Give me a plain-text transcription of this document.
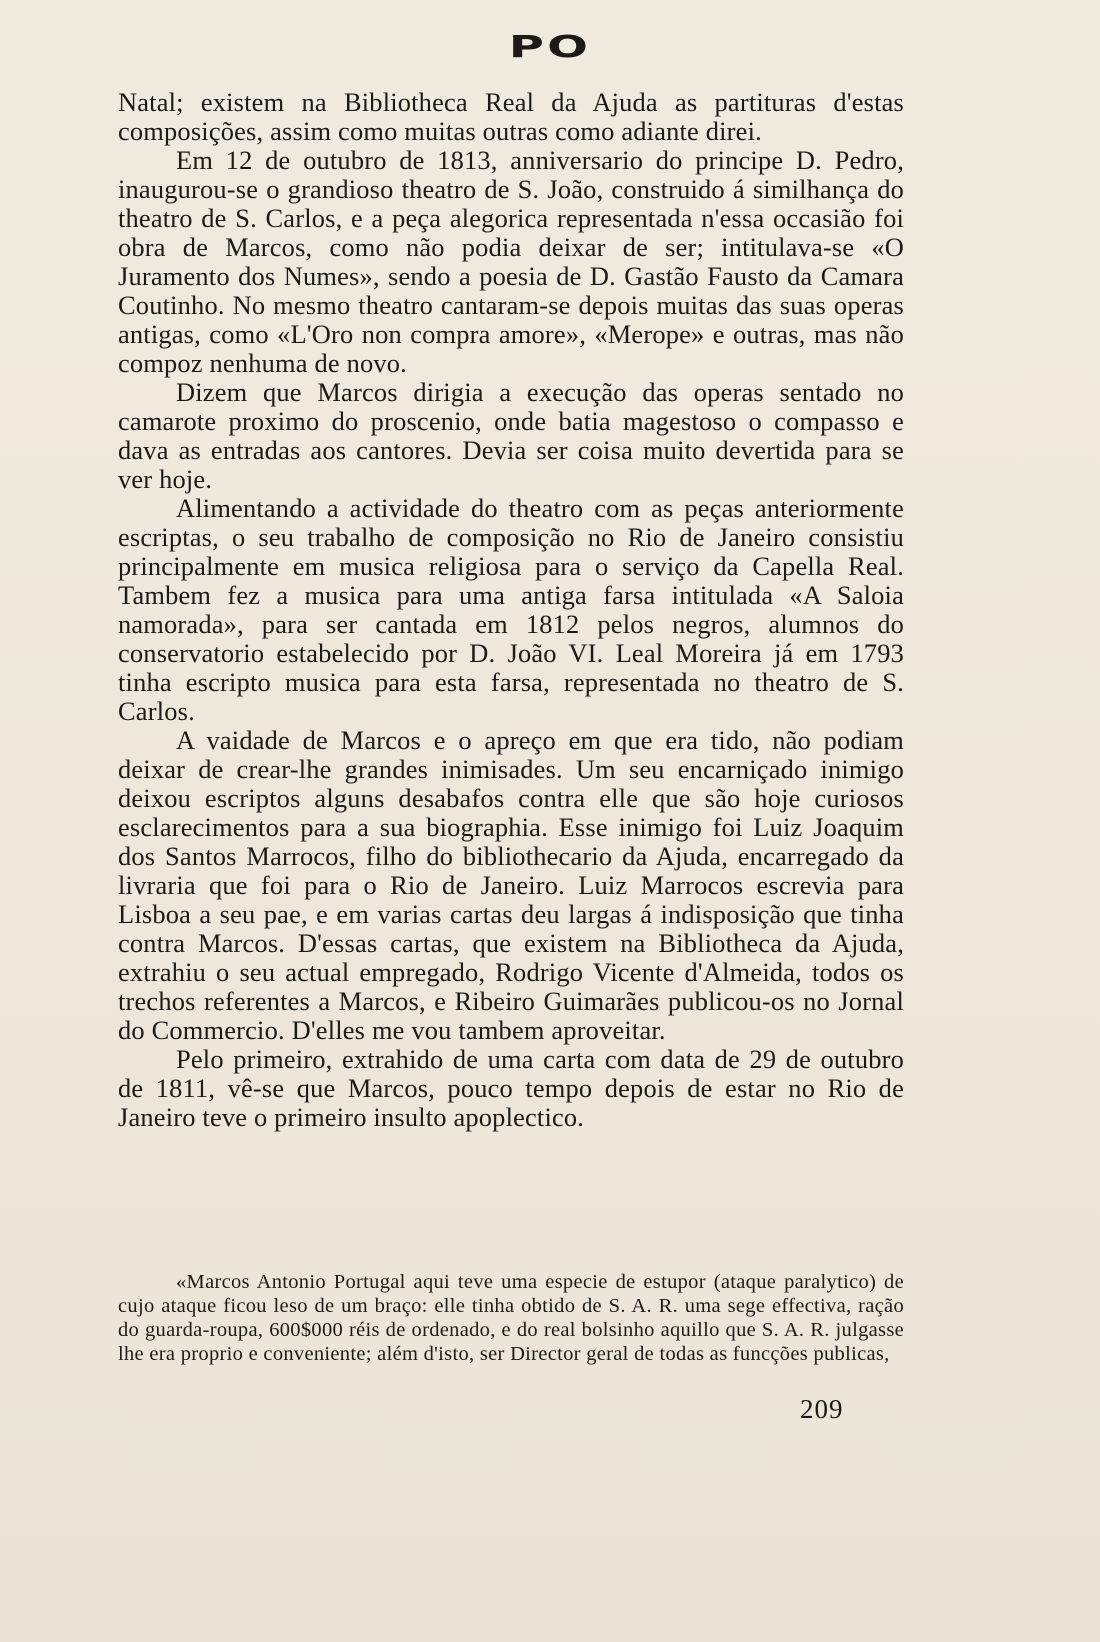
PO

Natal; existem na Bibliotheca Real da Ajuda as partituras d'estas composições, assim como muitas outras como adiante direi.

Em 12 de outubro de 1813, anniversario do principe D. Pedro, inaugurou-se o grandioso theatro de S. João, construido á similhança do theatro de S. Carlos, e a peça alegorica representada n'essa occasião foi obra de Marcos, como não podia deixar de ser; intitulava-se «O Juramento dos Numes», sendo a poesia de D. Gastão Fausto da Camara Coutinho. No mesmo theatro cantaram-se depois muitas das suas operas antigas, como «L'Oro non compra amore», «Merope» e outras, mas não compoz nenhuma de novo.

Dizem que Marcos dirigia a execução das operas sentado no camarote proximo do proscenio, onde batia magestoso o compasso e dava as entradas aos cantores. Devia ser coisa muito devertida para se ver hoje.

Alimentando a actividade do theatro com as peças anteriormente escriptas, o seu trabalho de composição no Rio de Janeiro consistiu principalmente em musica religiosa para o serviço da Capella Real. Tambem fez a musica para uma antiga farsa intitulada «A Saloia namorada», para ser cantada em 1812 pelos negros, alumnos do conservatorio estabelecido por D. João VI. Leal Moreira já em 1793 tinha escripto musica para esta farsa, representada no theatro de S. Carlos.

A vaidade de Marcos e o apreço em que era tido, não podiam deixar de crear-lhe grandes inimisades. Um seu encarniçado inimigo deixou escriptos alguns desabafos contra elle que são hoje curiosos esclarecimentos para a sua biographia. Esse inimigo foi Luiz Joaquim dos Santos Marrocos, filho do bibliothecario da Ajuda, encarregado da livraria que foi para o Rio de Janeiro. Luiz Marrocos escrevia para Lisboa a seu pae, e em varias cartas deu largas á indisposição que tinha contra Marcos. D'essas cartas, que existem na Bibliotheca da Ajuda, extrahiu o seu actual empregado, Rodrigo Vicente d'Almeida, todos os trechos referentes a Marcos, e Ribeiro Guimarães publicou-os no Jornal do Commercio. D'elles me vou tambem aproveitar.

Pelo primeiro, extrahido de uma carta com data de 29 de outubro de 1811, vê-se que Marcos, pouco tempo depois de estar no Rio de Janeiro teve o primeiro insulto apoplectico.

«Marcos Antonio Portugal aqui teve uma especie de estupor (ataque paralytico) de cujo ataque ficou leso de um braço: elle tinha obtido de S. A. R. uma sege effectiva, ração do guarda-roupa, 600$000 réis de ordenado, e do real bolsinho aquillo que S. A. R. julgasse lhe era proprio e conveniente; além d'isto, ser Director geral de todas as funcções publicas,

209
